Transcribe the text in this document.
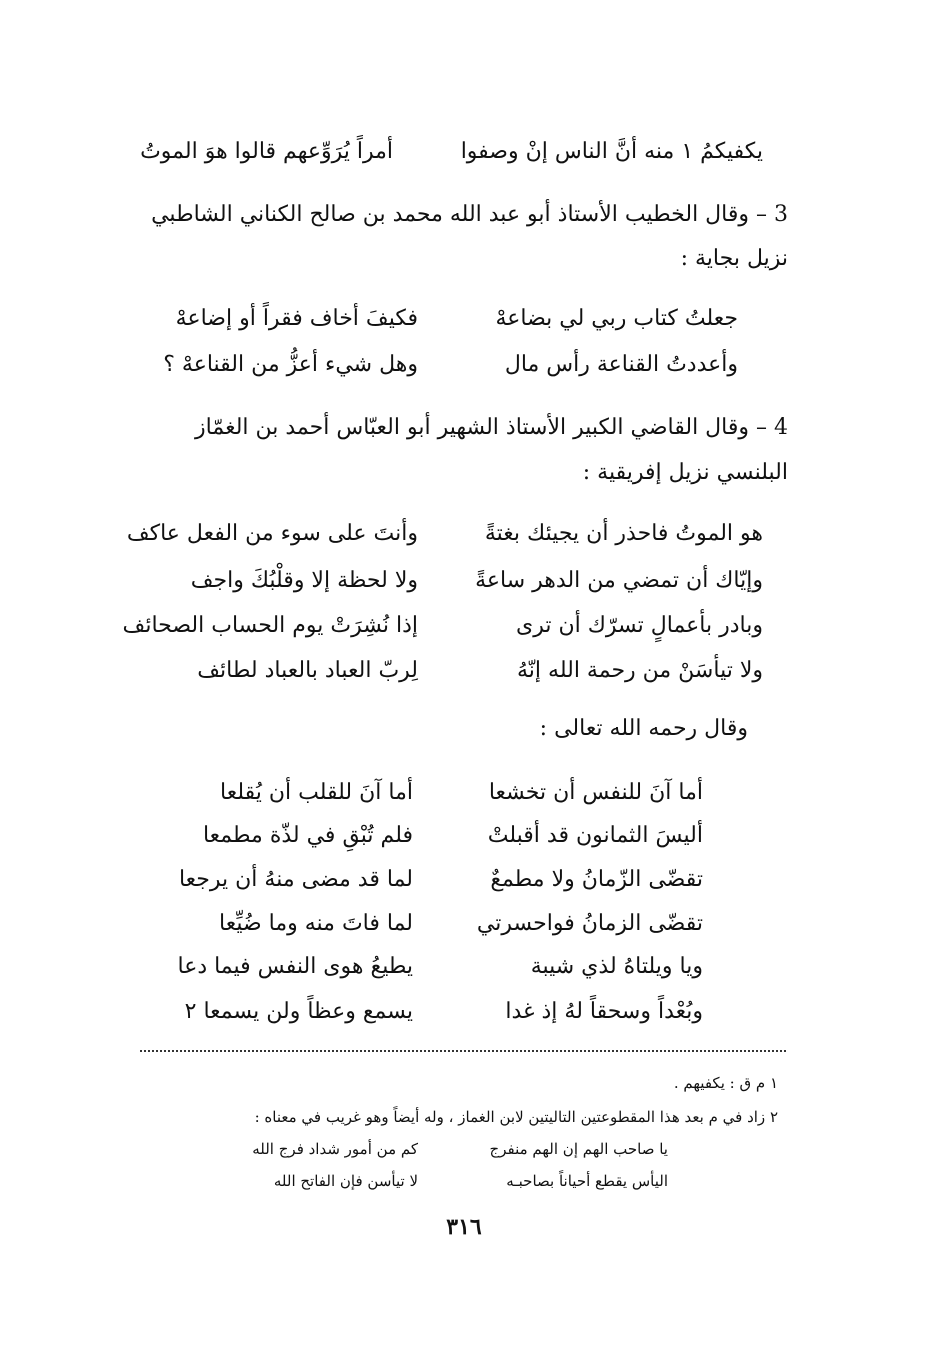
يكفيكمُ ١ منه أنَّ الناس إنْ وصفوا
أمراً يُرَوِّعهم قالوا هوَ الموتُ
3 – وقال الخطيب الأستاذ أبو عبد الله محمد بن صالح الكناني الشاطبي
نزيل بجاية :
جعلتُ كتاب ربي لي بضاعهْ
فكيفَ أخاف فقراً أو إضاعهْ
وأعددتُ القناعة رأس مال
وهل شيء أعزُّ من القناعهْ ؟
4 – وقال القاضي الكبير الأستاذ الشهير أبو العبّاس أحمد بن الغمّاز
البلنسي نزيل إفريقية :
هو الموتُ فاحذر أن يجيئك بغتةً
وأنتَ على سوء من الفعل عاكف
وإيّاك أن تمضي من الدهر ساعةً
ولا لحظة إلا وقلْبُكَ واجف
وبادر بأعمالٍ تسرّك أن ترى
إذا نُشِرَتْ يوم الحساب الصحائف
ولا تيأسَنْ من رحمة الله إنّهُ
لِربّ العباد بالعباد لطائف
وقال رحمه الله تعالى :
أما آنَ للنفس أن تخشعا
أما آنَ للقلب أن يُقلعا
أليسَ الثمانون قد أقبلتْ
فلم تُبْقِ في لذّة مطمعا
تقضّى الزّمانُ ولا مطمعٌ
لما قد مضى منهُ أن يرجعا
تقضّى الزمانُ فواحسرتي
لما فاتَ منه وما ضُيِّعا
ويا ويلتاهُ لذي شيبة
يطيعُ هوى النفس فيما دعا
وبُعْداً وسحقاً لهُ إذ غدا
يسمع وعظاً ولن يسمعا ٢
١ م ق : يكفيهم .
٢ زاد في م بعد هذا المقطوعتين التاليتين لابن الغماز ، وله أيضاً وهو غريب في معناه :
يا صاحب الهم إن الهم منفرج
كم من أمور شداد فرج الله
اليأس يقطع أحياناً بصاحبـه
لا تيأسن فإن الفاتح الله
٣١٦
